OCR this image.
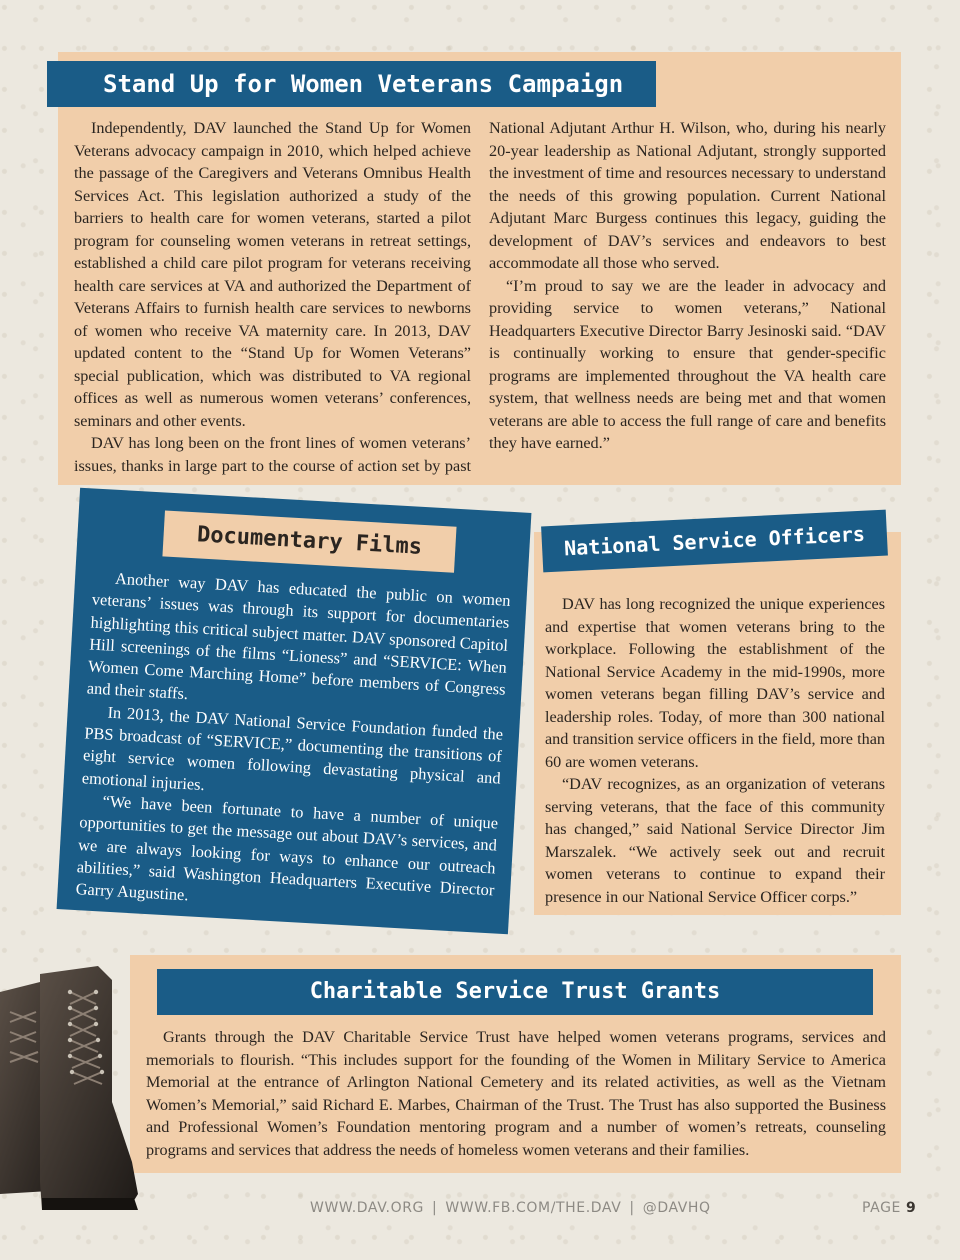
Stand Up for Women Veterans Campaign

Independently, DAV launched the Stand Up for Women Veterans advocacy campaign in 2010, which helped achieve the passage of the Caregivers and Veterans Omnibus Health Services Act. This legislation authorized a study of the barriers to health care for women veterans, started a pilot program for counseling women veterans in retreat settings, established a child care pilot program for veterans receiving health care services at VA and authorized the Department of Veterans Affairs to furnish health care services to newborns of women who receive VA maternity care. In 2013, DAV updated content to the “Stand Up for Women Veterans” special publication, which was distributed to VA regional offices as well as numerous women veterans’ conferences, seminars and other events.

DAV has long been on the front lines of women veterans’ issues, thanks in large part to the course of action set by past National Adjutant Arthur H. Wilson, who, during his nearly 20-year leadership as National Adjutant, strongly supported the investment of time and resources necessary to understand the needs of this growing population. Current National Adjutant Marc Burgess continues this legacy, guiding the development of DAV’s services and endeavors to best accommodate all those who served.

“I’m proud to say we are the leader in advocacy and providing service to women veterans,” National Headquarters Executive Director Barry Jesinoski said. “DAV is continually working to ensure that gender-specific programs are implemented throughout the VA health care system, that wellness needs are being met and that women veterans are able to access the full range of care and benefits they have earned.”

Documentary Films

Another way DAV has educated the public on women veterans’ issues was through its support for documentaries highlighting this critical subject matter. DAV sponsored Capitol Hill screenings of the films “Lioness” and “SERVICE: When Women Come Marching Home” before members of Congress and their staffs.

In 2013, the DAV National Service Foundation funded the PBS broadcast of “SERVICE,” documenting the transitions of eight service women following devastating physical and emotional injuries.

“We have been fortunate to have a number of unique opportunities to get the message out about DAV’s services, and we are always looking for ways to enhance our outreach abilities,” said Washington Headquarters Executive Director Garry Augustine.

National Service Officers

DAV has long recognized the unique experiences and expertise that women veterans bring to the workplace. Following the establishment of the National Service Academy in the mid-1990s, more women veterans began filling DAV’s service and leadership roles. Today, of more than 300 national and transition service officers in the field, more than 60 are women veterans.

“DAV recognizes, as an organization of veterans serving veterans, that the face of this community has changed,” said National Service Director Jim Marszalek. “We actively seek out and recruit women veterans to continue to expand their presence in our National Service Officer corps.”

Charitable Service Trust Grants

Grants through the DAV Charitable Service Trust have helped women veterans programs, services and memorials to flourish. “This includes support for the founding of the Women in Military Service to America Memorial at the entrance of Arlington National Cemetery and its related activities, as well as the Vietnam Women’s Memorial,” said Richard E. Marbes, Chairman of the Trust. The Trust has also supported the Business and Professional Women’s Foundation mentoring program and a number of women’s retreats, counseling programs and services that address the needs of homeless women veterans and their families.

WWW.DAV.ORG | WWW.FB.COM/THE.DAV | @DAVHQ	PAGE 9
